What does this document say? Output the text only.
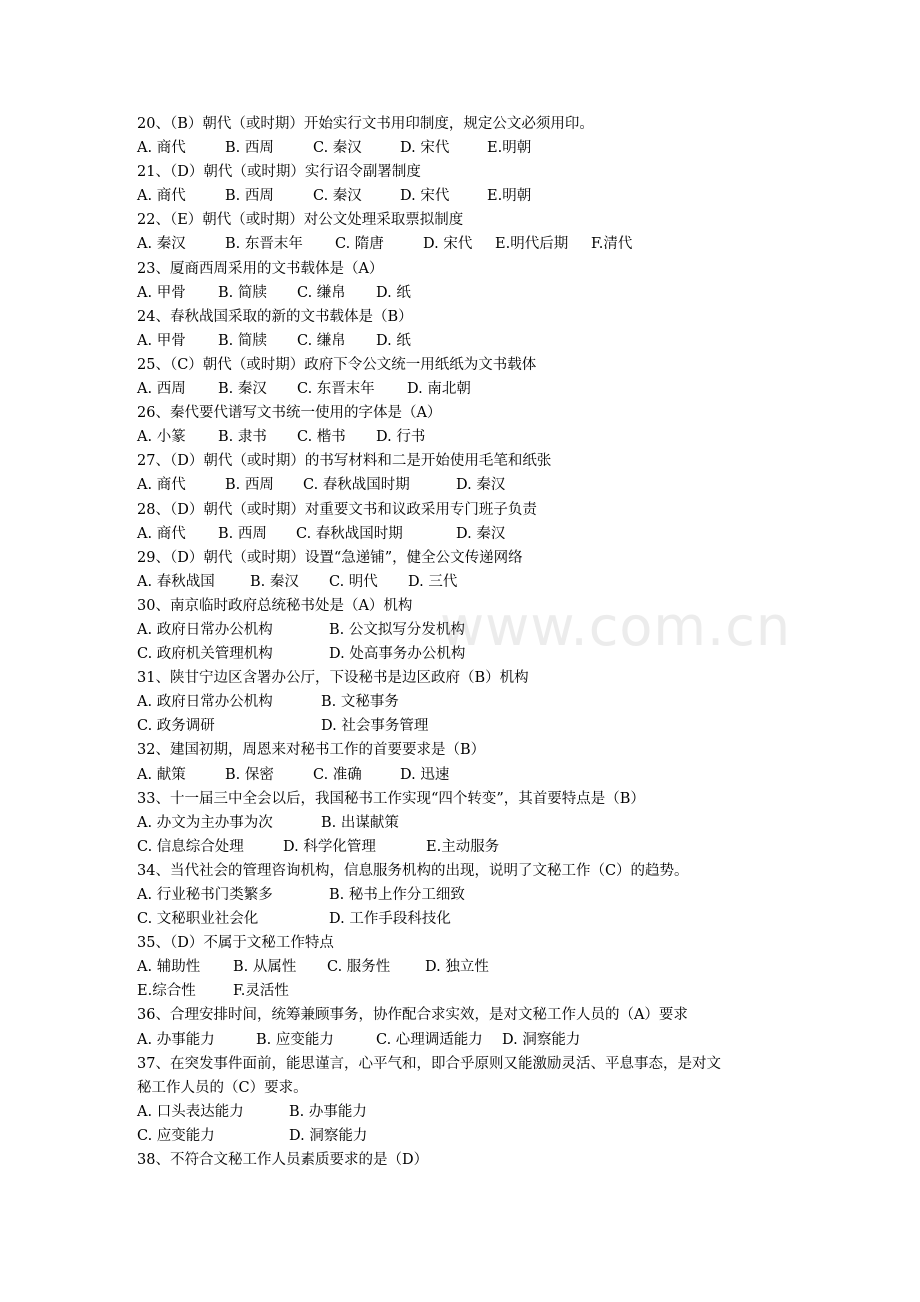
www.com.cn
20、（B）朝代（或时期）开始实行文书用印制度，规定公文必须用印。
A. 商代	B. 西周	C. 秦汉	D. 宋代	E.明朝
21、（D）朝代（或时期）实行诏令副署制度
A. 商代	B. 西周	C. 秦汉	D. 宋代	E.明朝
22、（E）朝代（或时期）对公文处理采取票拟制度
A. 秦汉	B. 东晋末年 C. 隋唐	D. 宋代 E.明代后期 F.清代
23、厦商西周采用的文书载体是（A）
A. 甲骨 B. 简牍 C. 缣帛 D. 纸
24、春秋战国采取的新的文书载体是（B）
A. 甲骨 B. 简牍 C. 缣帛 D. 纸
25、（C）朝代（或时期）政府下令公文统一用纸纸为文书载体
A. 西周 B. 秦汉 C. 东晋末年 D. 南北朝
26、秦代要代谱写文书统一使用的字体是（A）
A. 小篆 B. 隶书 C. 楷书 D. 行书
27、（D）朝代（或时期）的书写材料和二是开始使用毛笔和纸张
A. 商代	B. 西周 C. 春秋战国时期	D. 秦汉
28、（D）朝代（或时期）对重要文书和议政采用专门班子负责
A. 商代 B. 西周 C. 春秋战国时期	D. 秦汉
29、（D）朝代（或时期）设置“急递铺”，健全公文传递网络
A. 春秋战国 B. 秦汉 C. 明代 D. 三代
30、南京临时政府总统秘书处是（A）机构
A. 政府日常办公机构	B. 公文拟写分发机构
C. 政府机关管理机构	D. 处高事务办公机构
31、陕甘宁边区含署办公厅，下设秘书是边区政府（B）机构
A. 政府日常办公机构	B. 文秘事务
C. 政务调研	D. 社会事务管理
32、建国初期，周恩来对秘书工作的首要要求是（B）
A. 献策	B. 保密	C. 准确	D. 迅速
33、十一届三中全会以后，我国秘书工作实现“四个转变”，其首要特点是（B）
A. 办文为主办事为次	B. 出谋献策
C. 信息综合处理	D. 科学化管理	E.主动服务
34、当代社会的管理咨询机构，信息服务机构的出现，说明了文秘工作（C）的趋势。
A. 行业秘书门类繁多	B. 秘书上作分工细致
C. 文秘职业社会化	D. 工作手段科技化
35、（D）不属于文秘工作特点
A. 辅助性 B. 从属性 C. 服务性 D. 独立性
E.综合性	F.灵活性
36、合理安排时间，统筹兼顾事务，协作配合求实效，是对文秘工作人员的（A）要求
A. 办事能力	B. 应变能力	C. 心理调适能力 D. 洞察能力
37、在突发事件面前，能思谨言，心平气和，即合乎原则又能激励灵活、平息事态，是对文
秘工作人员的（C）要求。
A. 口头表达能力	B. 办事能力
C. 应变能力	D. 洞察能力
38、不符合文秘工作人员素质要求的是（D）
